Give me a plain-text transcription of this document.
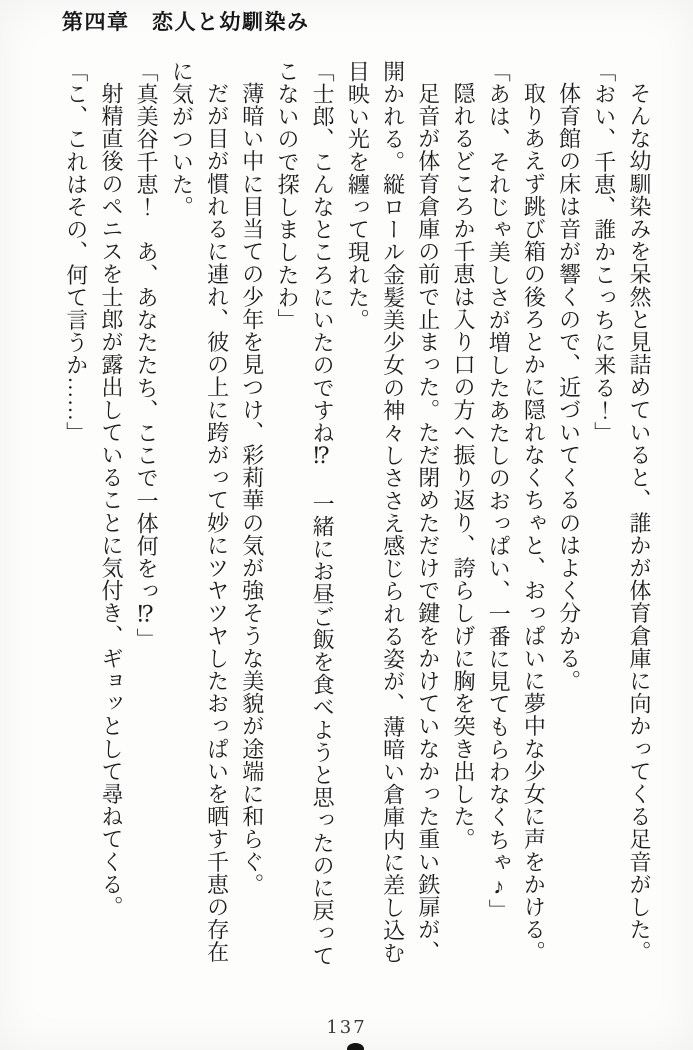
第四章　恋人と幼馴染み
そんな幼馴染みを呆然と見詰めていると、誰かが体育倉庫に向かってくる足音がした。
「おい、千恵、誰かこっちに来る！」
体育館の床は音が響くので、近づいてくるのはよく分かる。
取りあえず跳び箱の後ろとかに隠れなくちゃと、おっぱいに夢中な少女に声をかける。
「あは、それじゃ美しさが増したあたしのおっぱい、一番に見てもらわなくちゃ♪」
隠れるどころか千恵は入り口の方へ振り返り、誇らしげに胸を突き出した。
足音が体育倉庫の前で止まった。ただ閉めただけで鍵をかけていなかった重い鉄扉が、
開かれる。縦ロール金髪美少女の神々しささえ感じられる姿が、薄暗い倉庫内に差し込む
目映い光を纏って現れた。
「士郎、こんなところにいたのですね⁉　一緒にお昼ご飯を食べようと思ったのに戻って
こないので探しましたわ」
薄暗い中に目当ての少年を見つけ、彩莉華の気が強そうな美貌が途端に和らぐ。
だが目が慣れるに連れ、彼の上に跨がって妙にツヤツヤしたおっぱいを晒す千恵の存在
に気がついた。
「真美谷千恵！　あ、あなたたち、ここで一体何をっ⁉」
射精直後のペニスを士郎が露出していることに気付き、ギョッとして尋ねてくる。
「こ、これはその、何て言うか……」
137
